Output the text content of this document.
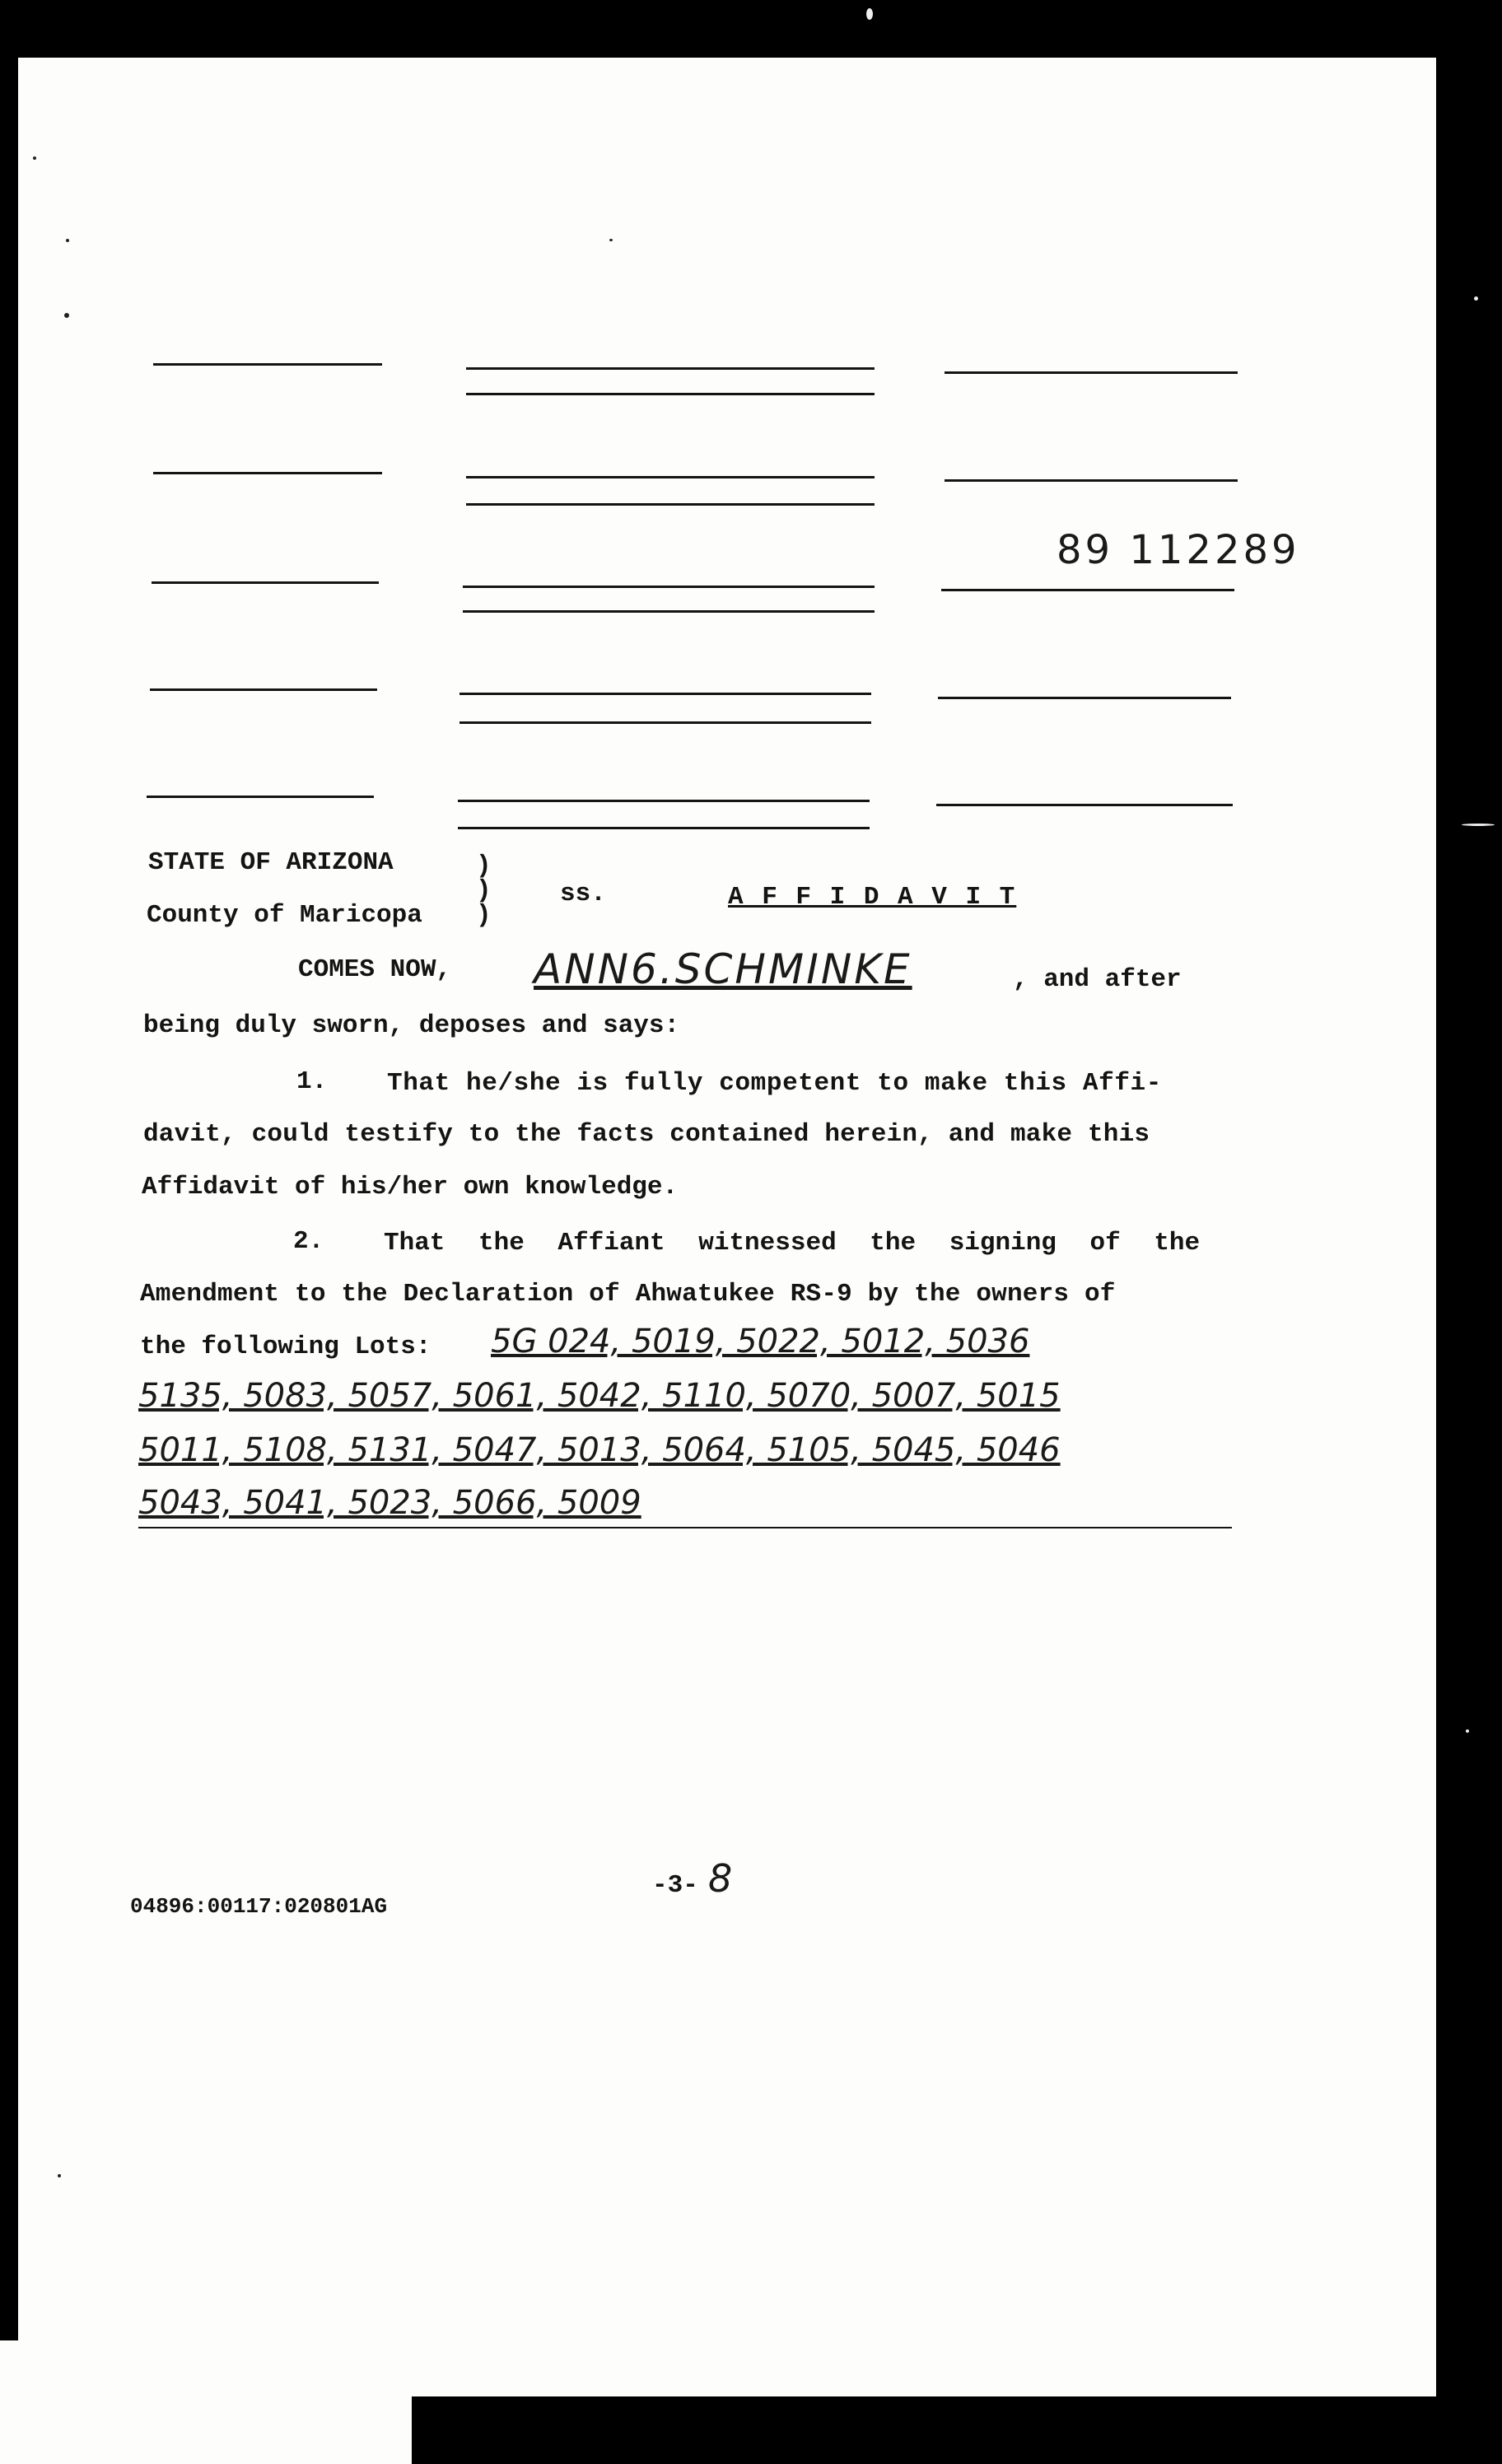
89 112289
STATE OF ARIZONA
County of Maricopa
)
)
)
ss.	A F F I D A V I T
COMES NOW, ANN6.SCHMINKE	, and after
being duly sworn, deposes and says:
1. That he/she is fully competent to make this Affi-
davit, could testify to the facts contained herein, and make this
Affidavit of his/her own knowledge.
2. That the Affiant witnessed the signing of the
Amendment to the Declaration of Ahwatukee RS-9 by the owners of
the following Lots: 5G 024, 5019, 5022, 5012, 5036
5135, 5083, 5057, 5061, 5042, 5110, 5070, 5007, 5015
5011, 5108, 5131, 5047, 5013, 5064, 5105, 5045, 5046
5043, 5041, 5023, 5066, 5009
-3- 8
04896:00117:020801AG
